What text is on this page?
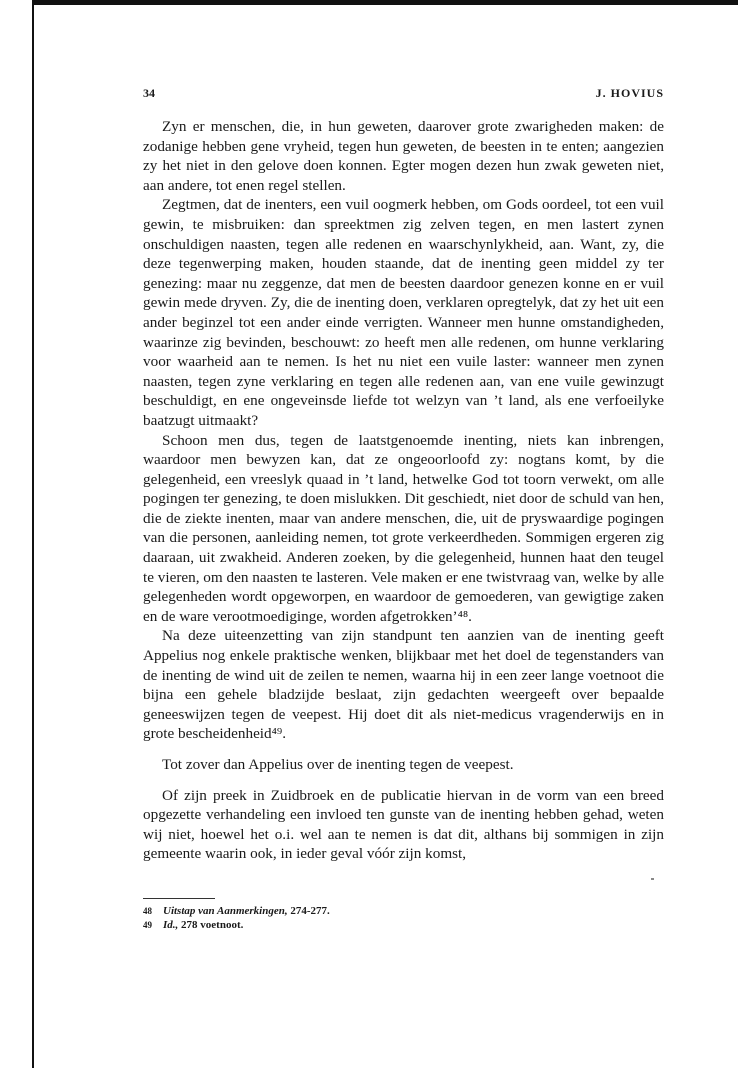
34	J. HOVIUS

Zyn er menschen, die, in hun geweten, daarover grote zwarigheden maken: de zodanige hebben gene vryheid, tegen hun geweten, de beesten in te enten; aangezien zy het niet in den gelove doen konnen. Egter mogen dezen hun zwak geweten niet, aan andere, tot enen regel stellen.

Zegtmen, dat de inenters, een vuil oogmerk hebben, om Gods oordeel, tot een vuil gewin, te misbruiken: dan spreektmen zig zelven tegen, en men lastert zynen onschuldigen naasten, tegen alle redenen en waarschynlykheid, aan. Want, zy, die deze tegenwerping maken, houden staande, dat de inenting geen middel zy ter genezing: maar nu zeggenze, dat men de beesten daardoor genezen konne en er vuil gewin mede dryven. Zy, die de inenting doen, verklaren opregtelyk, dat zy het uit een ander beginzel tot een ander einde verrigten. Wanneer men hunne omstandigheden, waarinze zig bevinden, beschouwt: zo heeft men alle redenen, om hunne verklaring voor waarheid aan te nemen. Is het nu niet een vuile laster: wanneer men zynen naasten, tegen zyne verklaring en tegen alle redenen aan, van ene vuile gewinzugt beschuldigt, en ene ongeveinsde liefde tot welzyn van ’t land, als ene verfoeilyke baatzugt uitmaakt?

Schoon men dus, tegen de laatstgenoemde inenting, niets kan inbrengen, waardoor men bewyzen kan, dat ze ongeoorloofd zy: nogtans komt, by die gelegenheid, een vreeslyk quaad in ’t land, hetwelke God tot toorn verwekt, om alle pogingen ter genezing, te doen mislukken. Dit geschiedt, niet door de schuld van hen, die de ziekte inenten, maar van andere menschen, die, uit de pryswaardige pogingen van die personen, aanleiding nemen, tot grote verkeerdheden. Sommigen ergeren zig daaraan, uit zwakheid. Anderen zoeken, by die gelegenheid, hunnen haat den teugel te vieren, om den naasten te lasteren. Vele maken er ene twistvraag van, welke by alle gelegenheden wordt opgeworpen, en waardoor de gemoederen, van gewigtige zaken en de ware verootmoediginge, worden afgetrokken’⁴⁸.

Na deze uiteenzetting van zijn standpunt ten aanzien van de inenting geeft Appelius nog enkele praktische wenken, blijkbaar met het doel de tegenstanders van de inenting de wind uit de zeilen te nemen, waarna hij in een zeer lange voetnoot die bijna een gehele bladzijde beslaat, zijn gedachten weergeeft over bepaalde geneeswijzen tegen de veepest. Hij doet dit als niet-medicus vragenderwijs en in grote bescheidenheid⁴⁹.

Tot zover dan Appelius over de inenting tegen de veepest.

Of zijn preek in Zuidbroek en de publicatie hiervan in de vorm van een breed opgezette verhandeling een invloed ten gunste van de inenting hebben gehad, weten wij niet, hoewel het o.i. wel aan te nemen is dat dit, althans bij sommigen in zijn gemeente waarin ook, in ieder geval vóór zijn komst,

48 Uitstap van Aanmerkingen, 274-277.
49 Id., 278 voetnoot.
